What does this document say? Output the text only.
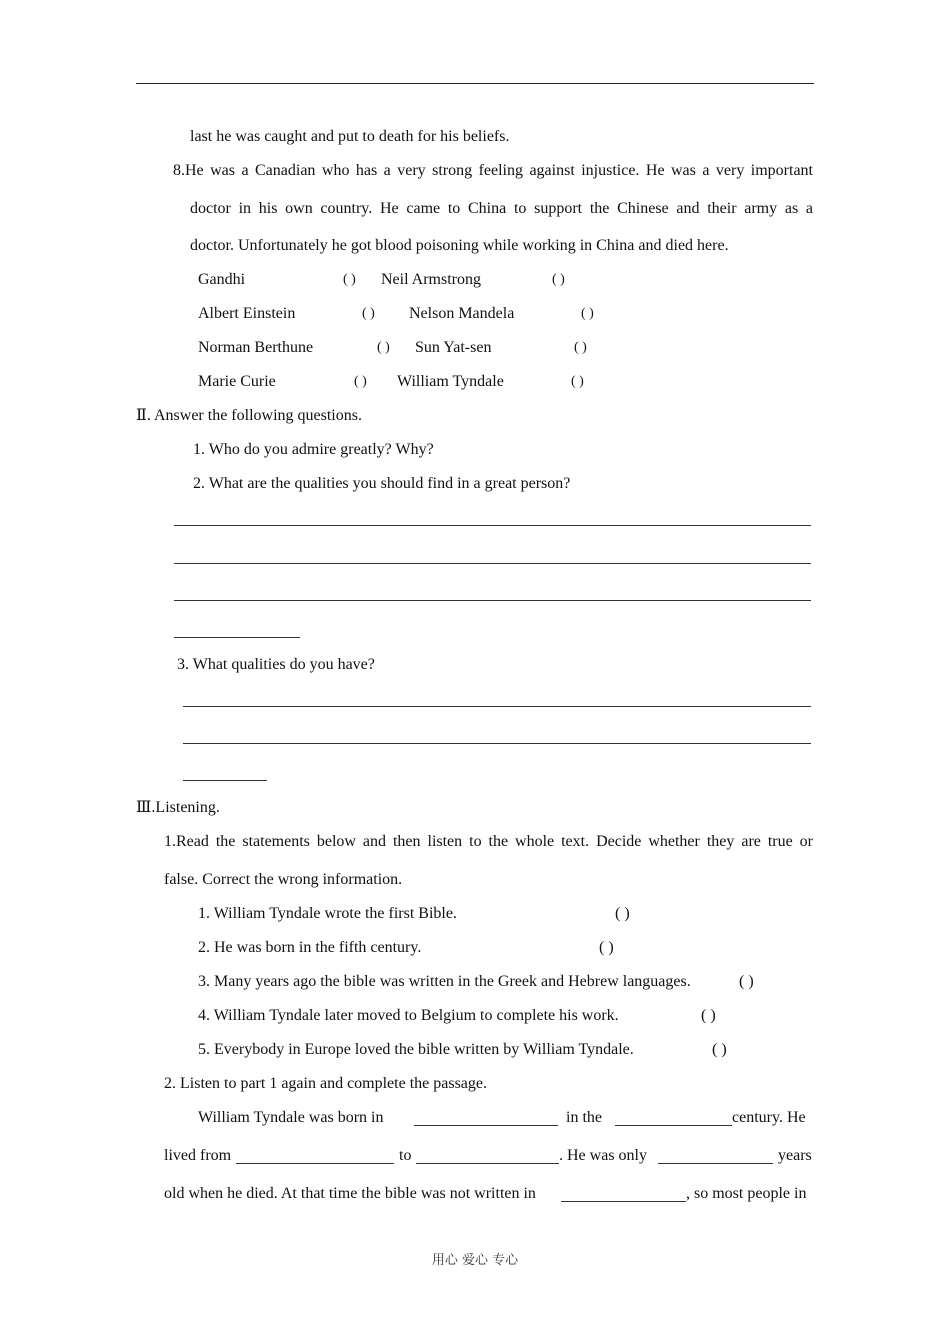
last he was caught and put to death for his beliefs.
8.He was a Canadian who has a very strong feeling against injustice. He was a very important
doctor in his own country. He came to China to support the Chinese and their army as a
doctor. Unfortunately he got blood poisoning while working in China and died here.
Gandhi	( ) Neil Armstrong	( )
Albert Einstein	( ) Nelson Mandela	( )
Norman Berthune	( ) Sun Yat-sen	( )
Marie Curie	( ) William Tyndale	( )
Ⅱ. Answer the following questions.
1. Who do you admire greatly? Why?
2. What are the qualities you should find in a great person?
3. What qualities do you have?
Ⅲ.Listening.
1.Read the statements below and then listen to the whole text. Decide whether they are true or
false. Correct the wrong information.
1. William Tyndale wrote the first Bible.	( )
2. He was born in the fifth century.	( )
3. Many years ago the bible was written in the Greek and Hebrew languages.	( )
4. William Tyndale later moved to Belgium to complete his work.	( )
5. Everybody in Europe loved the bible written by William Tyndale.	( )
2. Listen to part 1 again and complete the passage.
William Tyndale was born in	in the	century. He
lived from	to	. He was only	years
old when he died. At that time the bible was not written in	, so most people in
用心 爱心 专心
